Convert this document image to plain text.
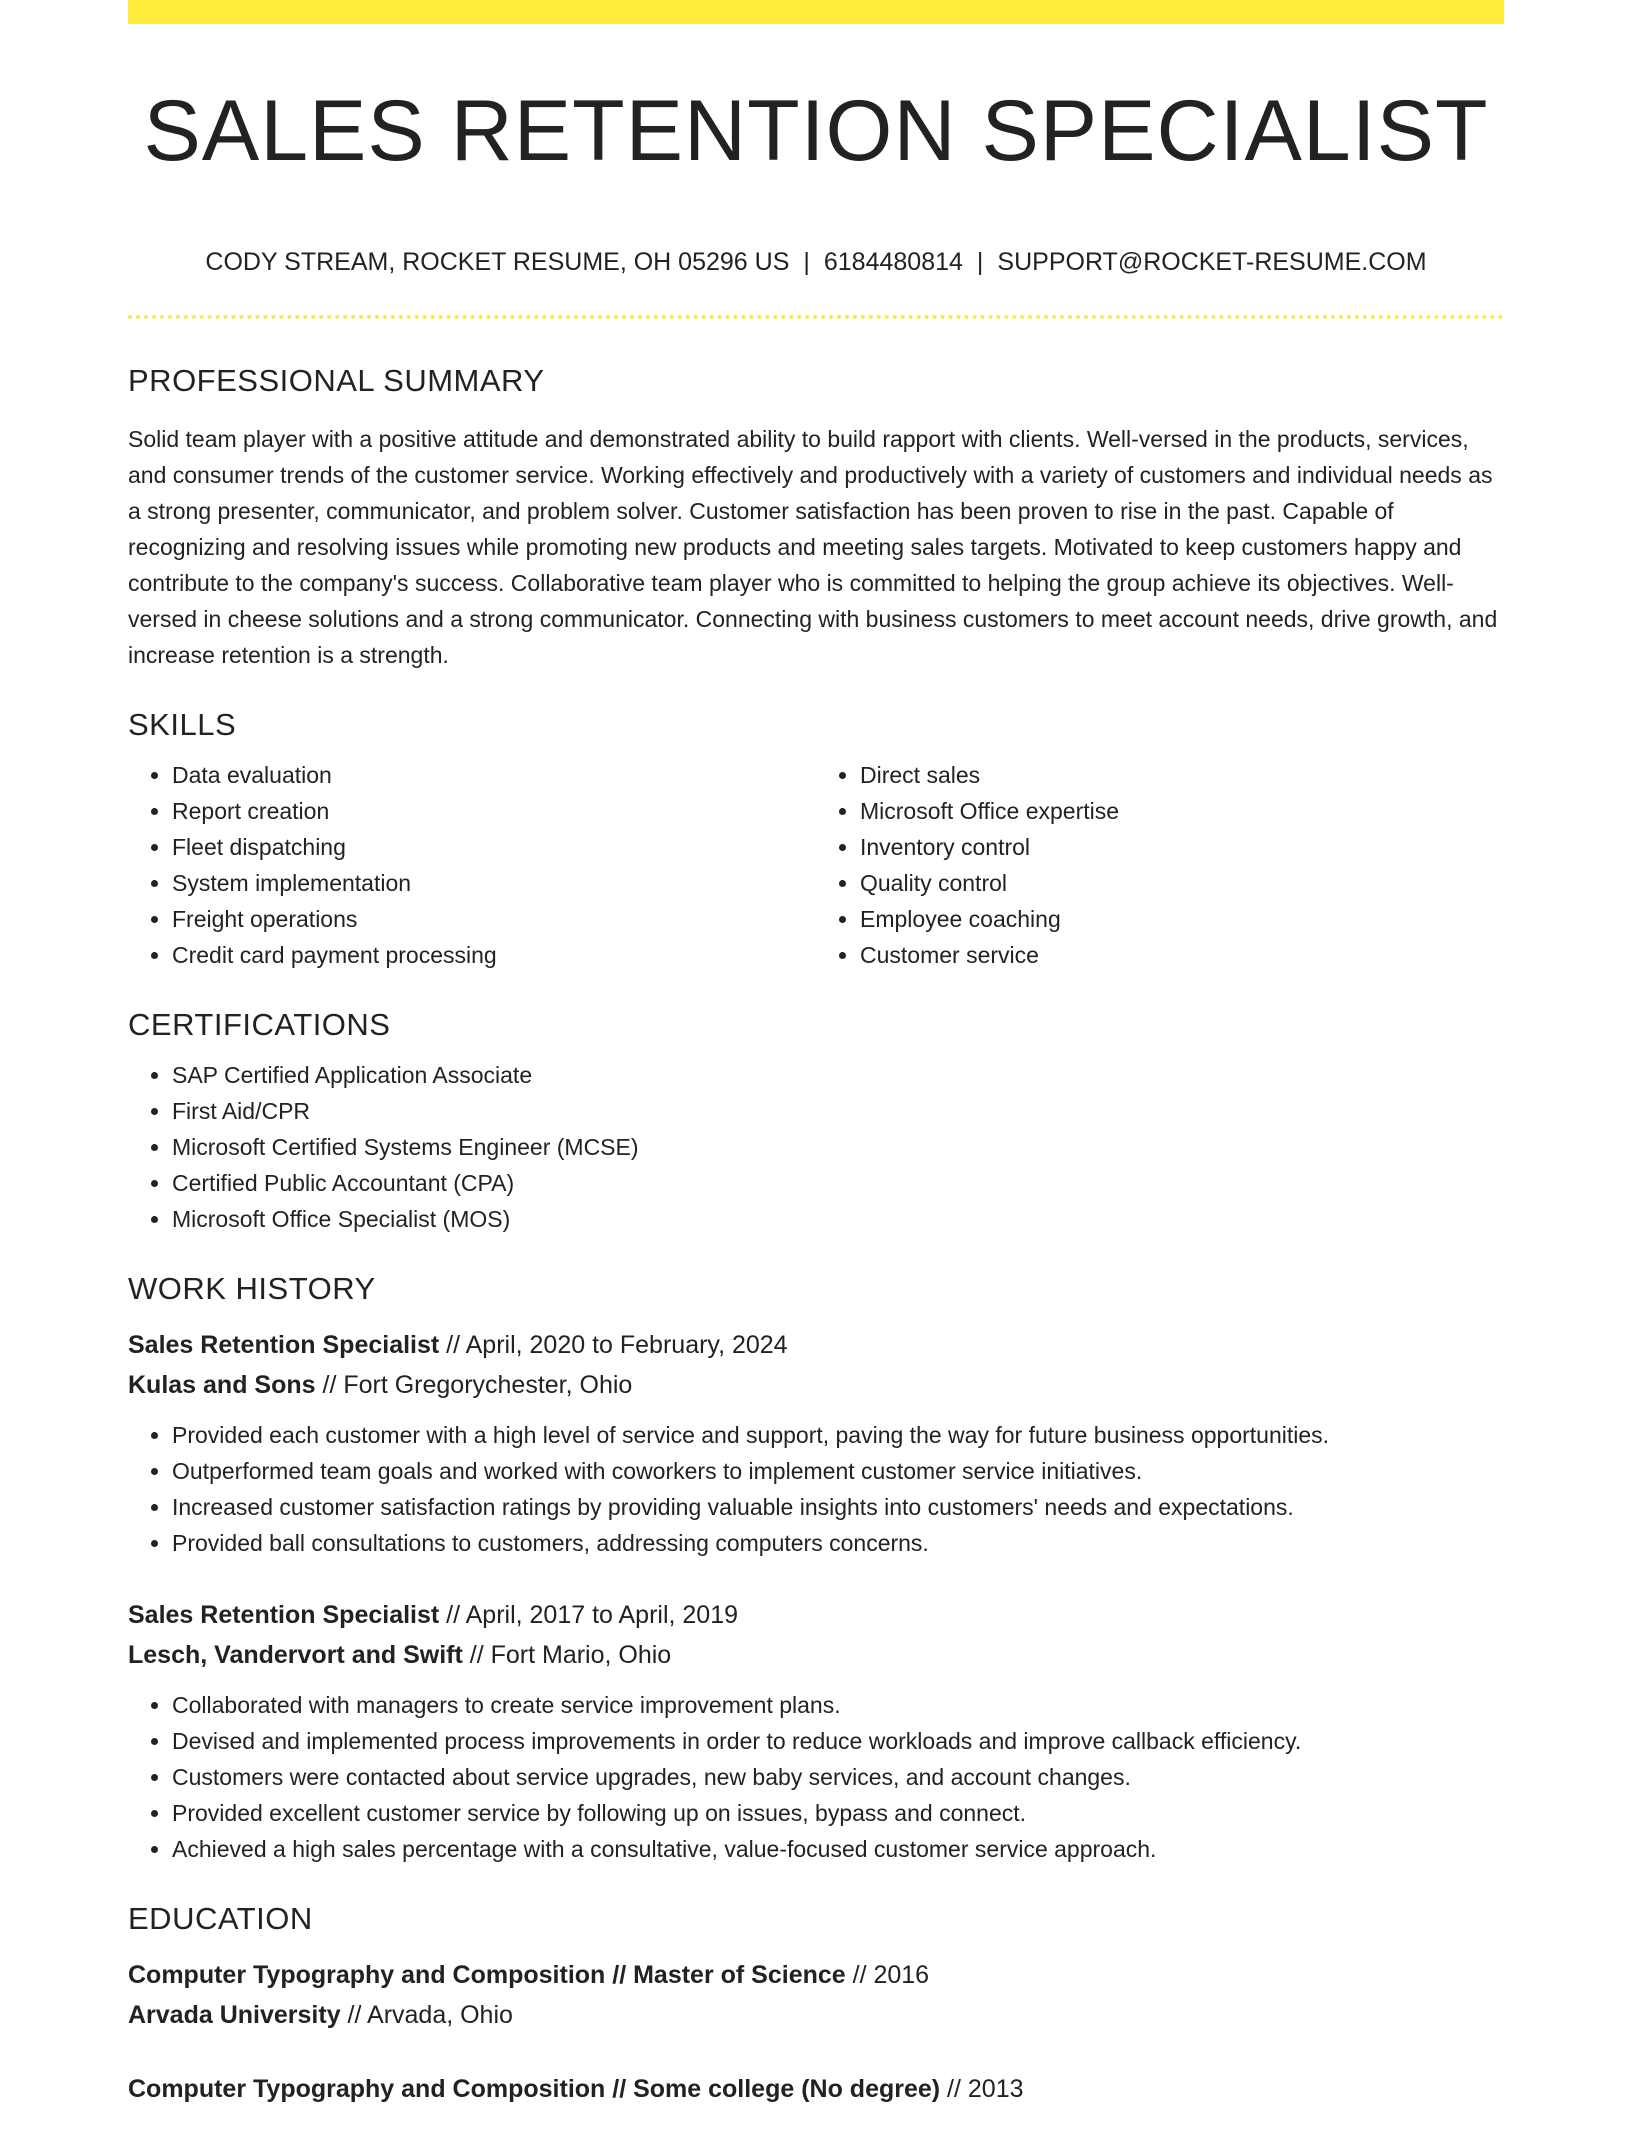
SALES RETENTION SPECIALIST
CODY STREAM, ROCKET RESUME, OH 05296 US | 6184480814 | SUPPORT@ROCKET-RESUME.COM
PROFESSIONAL SUMMARY
Solid team player with a positive attitude and demonstrated ability to build rapport with clients. Well-versed in the products, services, and consumer trends of the customer service. Working effectively and productively with a variety of customers and individual needs as a strong presenter, communicator, and problem solver. Customer satisfaction has been proven to rise in the past. Capable of recognizing and resolving issues while promoting new products and meeting sales targets. Motivated to keep customers happy and contribute to the company's success. Collaborative team player who is committed to helping the group achieve its objectives. Well-versed in cheese solutions and a strong communicator. Connecting with business customers to meet account needs, drive growth, and increase retention is a strength.
SKILLS
• Data evaluation
• Report creation
• Fleet dispatching
• System implementation
• Freight operations
• Credit card payment processing
• Direct sales
• Microsoft Office expertise
• Inventory control
• Quality control
• Employee coaching
• Customer service
CERTIFICATIONS
• SAP Certified Application Associate
• First Aid/CPR
• Microsoft Certified Systems Engineer (MCSE)
• Certified Public Accountant (CPA)
• Microsoft Office Specialist (MOS)
WORK HISTORY
Sales Retention Specialist // April, 2020 to February, 2024
Kulas and Sons // Fort Gregorychester, Ohio
• Provided each customer with a high level of service and support, paving the way for future business opportunities.
• Outperformed team goals and worked with coworkers to implement customer service initiatives.
• Increased customer satisfaction ratings by providing valuable insights into customers' needs and expectations.
• Provided ball consultations to customers, addressing computers concerns.
Sales Retention Specialist // April, 2017 to April, 2019
Lesch, Vandervort and Swift // Fort Mario, Ohio
• Collaborated with managers to create service improvement plans.
• Devised and implemented process improvements in order to reduce workloads and improve callback efficiency.
• Customers were contacted about service upgrades, new baby services, and account changes.
• Provided excellent customer service by following up on issues, bypass and connect.
• Achieved a high sales percentage with a consultative, value-focused customer service approach.
EDUCATION
Computer Typography and Composition // Master of Science // 2016
Arvada University // Arvada, Ohio
Computer Typography and Composition // Some college (No degree) // 2013
